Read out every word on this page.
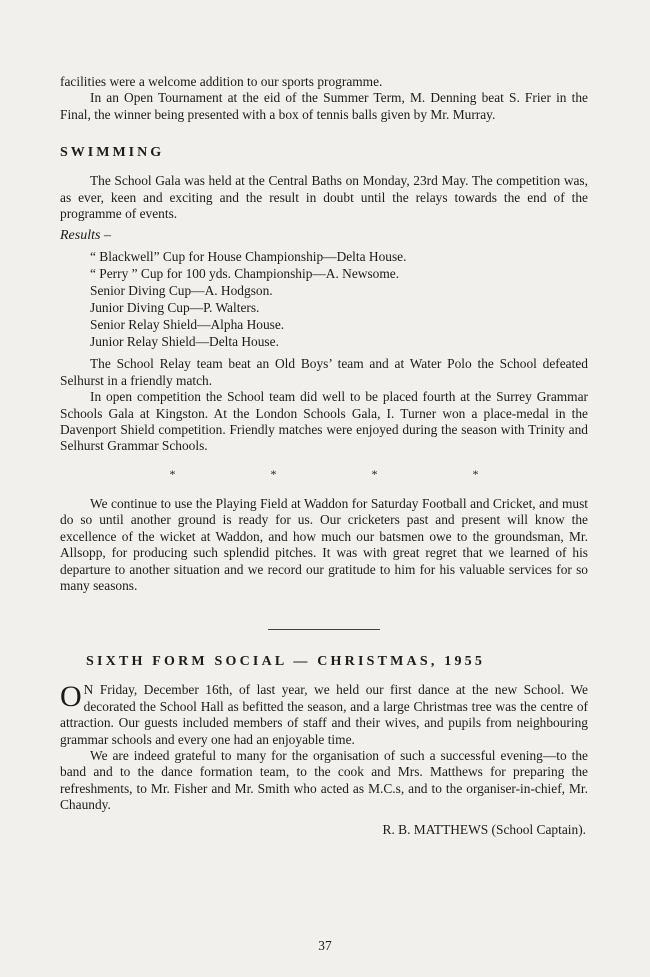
facilities were a welcome addition to our sports programme.

In an Open Tournament at the eid of the Summer Term, M. Denning beat S. Frier in the Final, the winner being presented with a box of tennis balls given by Mr. Murray.

SWIMMING

The School Gala was held at the Central Baths on Monday, 23rd May. The competition was, as ever, keen and exciting and the result in doubt until the relays towards the end of the programme of events.

Results –
“ Blackwell” Cup for House Championship—Delta House.
“ Perry ” Cup for 100 yds. Championship—A. Newsome.
Senior Diving Cup—A. Hodgson.
Junior Diving Cup—P. Walters.
Senior Relay Shield—Alpha House.
Junior Relay Shield—Delta House.

The School Relay team beat an Old Boys’ team and at Water Polo the School defeated Selhurst in a friendly match.

In open competition the School team did well to be placed fourth at the Surrey Grammar Schools Gala at Kingston. At the London Schools Gala, I. Turner won a place-medal in the Davenport Shield competition. Friendly matches were enjoyed during the season with Trinity and Selhurst Grammar Schools.

* * * *

We continue to use the Playing Field at Waddon for Saturday Football and Cricket, and must do so until another ground is ready for us. Our cricketers past and present will know the excellence of the wicket at Waddon, and how much our batsmen owe to the groundsman, Mr. Allsopp, for producing such splendid pitches. It was with great regret that we learned of his departure to another situation and we record our gratitude to him for his valuable services for so many seasons.

SIXTH FORM SOCIAL — CHRISTMAS, 1955

O N Friday, December 16th, of last year, we held our first dance at the new School. We decorated the School Hall as befitted the season, and a large Christmas tree was the centre of attraction. Our guests included members of staff and their wives, and pupils from neighbouring grammar schools and every one had an enjoyable time.

We are indeed grateful to many for the organisation of such a successful evening—to the band and to the dance formation team, to the cook and Mrs. Matthews for preparing the refreshments, to Mr. Fisher and Mr. Smith who acted as M.C.s, and to the organiser-in-chief, Mr. Chaundy.

R. B. MATTHEWS (School Captain).
37
